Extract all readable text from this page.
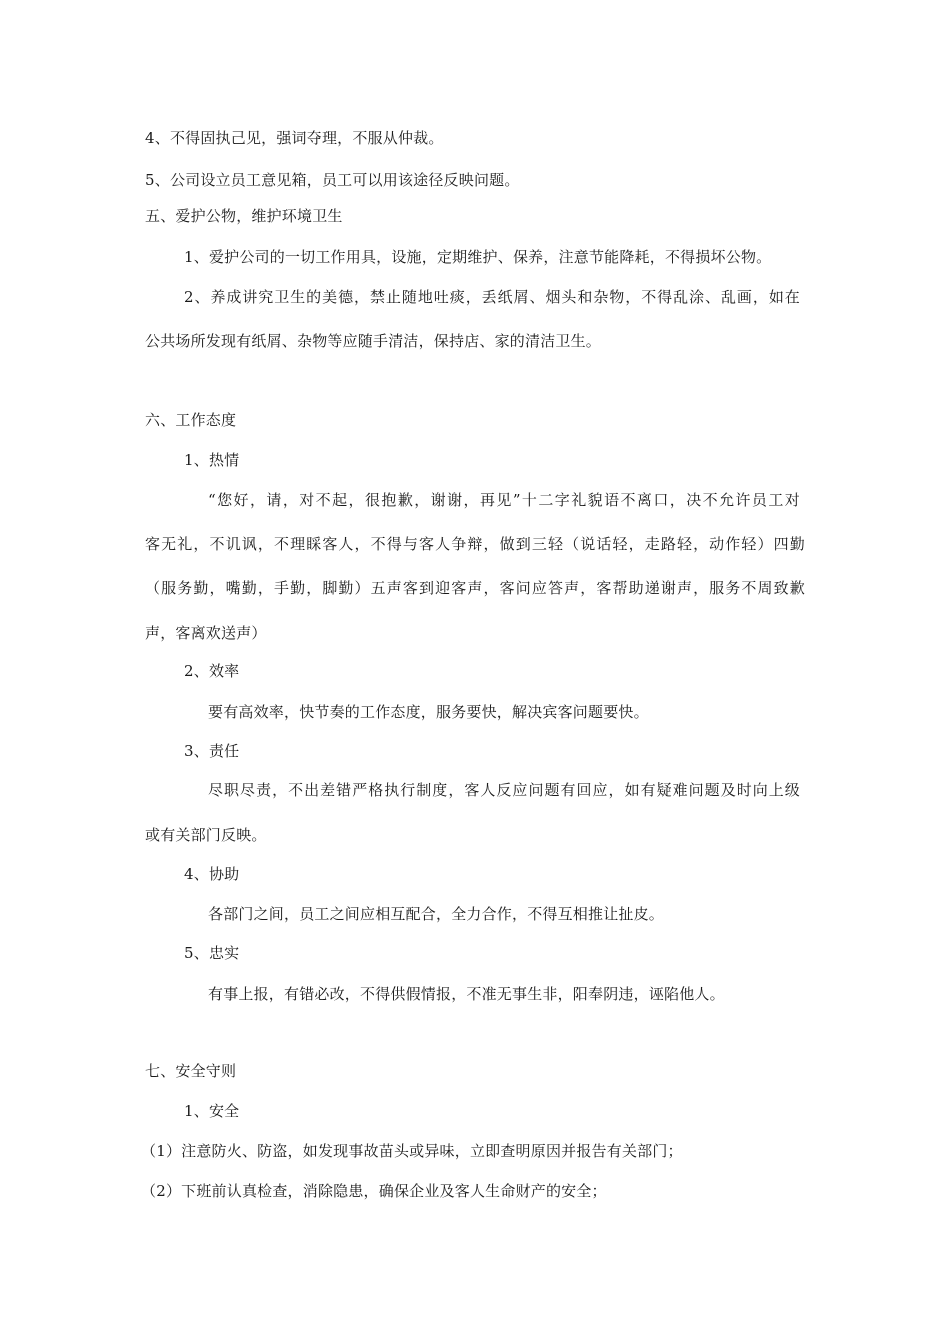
4、不得固执己见，强词夺理，不服从仲裁。
5、公司设立员工意见箱，员工可以用该途径反映问题。
五、爱护公物，维护环境卫生
1、爱护公司的一切工作用具，设施，定期维护、保养，注意节能降耗，不得损坏公物。
2、养成讲究卫生的美德，禁止随地吐痰，丢纸屑、烟头和杂物，不得乱涂、乱画，如在
公共场所发现有纸屑、杂物等应随手清洁，保持店、家的清洁卫生。
六、工作态度
1、热情
“您好，请，对不起，很抱歉，谢谢，再见”十二字礼貌语不离口，决不允许员工对
客无礼，不讥讽，不理睬客人，不得与客人争辩，做到三轻（说话轻，走路轻，动作轻）四勤
（服务勤，嘴勤，手勤，脚勤）五声客到迎客声，客问应答声，客帮助递谢声，服务不周致歉
声，客离欢送声）
2、效率
要有高效率，快节奏的工作态度，服务要快，解决宾客问题要快。
3、责任
尽职尽责，不出差错严格执行制度，客人反应问题有回应，如有疑难问题及时向上级
或有关部门反映。
4、协助
各部门之间，员工之间应相互配合，全力合作，不得互相推让扯皮。
5、忠实
有事上报，有错必改，不得供假情报，不准无事生非，阳奉阴违，诬陷他人。
七、安全守则
1、安全
（1）注意防火、防盗，如发现事故苗头或异味，立即查明原因并报告有关部门；
（2）下班前认真检查，消除隐患，确保企业及客人生命财产的安全；
